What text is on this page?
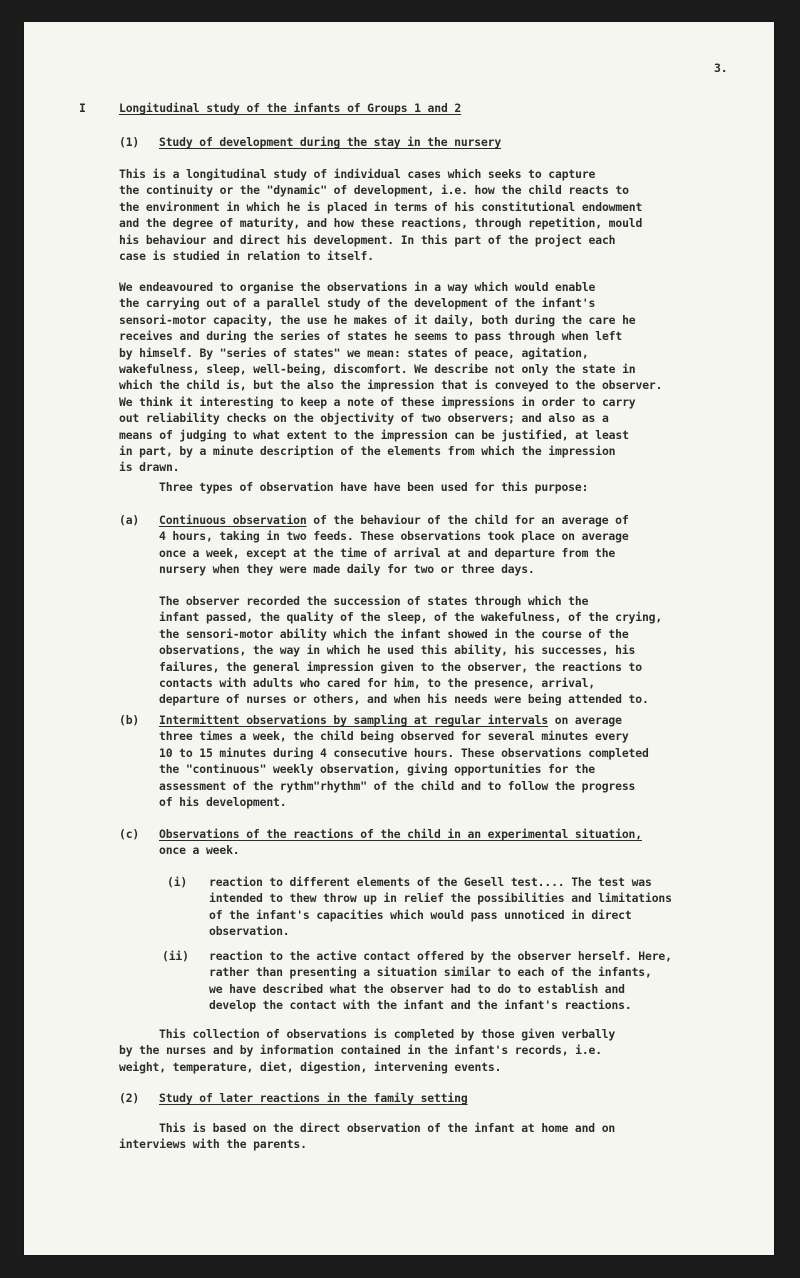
3.
I	Longitudinal study of the infants of Groups 1 and 2
(1) Study of development during the stay in the nursery
This is a longitudinal study of individual cases which seeks to capture
the continuity or the "dynamic" of development, i.e. how the child reacts to
the environment in which he is placed in terms of his constitutional endowment
and the degree of maturity, and how these reactions, through repetition, mould
his behaviour and direct his development. In this part of the project each
case is studied in relation to itself.
We endeavoured to organise the observations in a way which would enable
the carrying out of a parallel study of the development of the infant's
sensori-motor capacity, the use he makes of it daily, both during the care he
receives and during the series of states he seems to pass through when left
by himself. By "series of states" we mean: states of peace, agitation,
wakefulness, sleep, well-being, discomfort. We describe not only the state in
which the child is, but the also the impression that is conveyed to the observer.
We think it interesting to keep a note of these impressions in order to carry
out reliability checks on the objectivity of two observers; and also as a
means of judging to what extent to the impression can be justified, at least
in part, by a minute description of the elements from which the impression
is drawn.
Three types of observation have have been used for this purpose:
(a) Continuous observation of the behaviour of the child for an average of
4 hours, taking in two feeds. These observations took place on average
once a week, except at the time of arrival at and departure from the
nursery when they were made daily for two or three days.
The observer recorded the succession of states through which the
infant passed, the quality of the sleep, of the wakefulness, of the crying,
the sensori-motor ability which the infant showed in the course of the
observations, the way in which he used this ability, his successes, his
failures, the general impression given to the observer, the reactions to
contacts with adults who cared for him, to the presence, arrival,
departure of nurses or others, and when his needs were being attended to.
(b) Intermittent observations by sampling at regular intervals on average
three times a week, the child being observed for several minutes every
10 to 15 minutes during 4 consecutive hours. These observations completed
the "continuous" weekly observation, giving opportunities for the
assessment of the rythm"rhythm" of the child and to follow the progress
of his development.
(c) Observations of the reactions of the child in an experimental situation,
once a week.
(i) reaction to different elements of the Gesell test.... The test was
intended to thew throw up in relief the possibilities and limitations
of the infant's capacities which would pass unnoticed in direct
observation.
(ii) reaction to the active contact offered by the observer herself. Here,
rather than presenting a situation similar to each of the infants,
we have described what the observer had to do to establish and
develop the contact with the infant and the infant's reactions.
This collection of observations is completed by those given verbally
by the nurses and by information contained in the infant's records, i.e.
weight, temperature, diet, digestion, intervening events.
(2) Study of later reactions in the family setting
This is based on the direct observation of the infant at home and on
interviews with the parents.
